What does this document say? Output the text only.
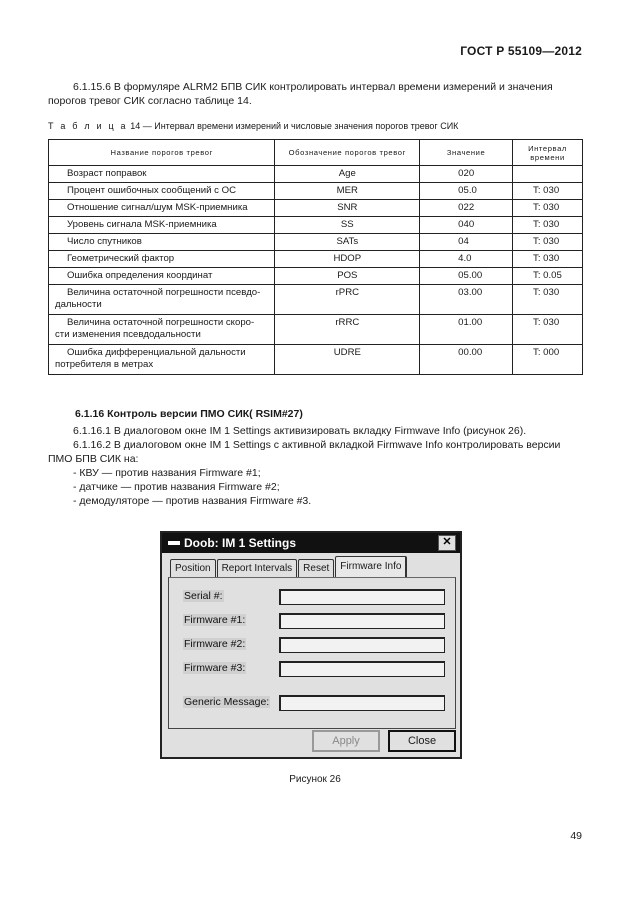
ГОСТ Р 55109—2012
6.1.15.6 В формуляре ALRM2 БПВ СИК контролировать интервал времени измерений и значения
порогов тревог СИК согласно таблице 14.
Т а б л и ц а 14 — Интервал времени измерений и числовые значения порогов тревог СИК
Название порогов тревог	Обозначение порогов тревог	Значение	Интервал
времени

Возраст поправок	Age	020	
Процент ошибочных сообщений с ОС	MER	05.0	T: 030
Отношение сигнал/шум MSK-приемника	SNR	022	T: 030
Уровень сигнала MSK-приемника	SS	040	T: 030
Число спутников	SATs	04	T: 030
Геометрический фактор	HDOP	4.0	T: 030
Ошибка определения координат	POS	05.00	T: 0.05

Величина остаточной погрешности псевдо-
дальности	rPRC	03.00	T: 030

Величина остаточной погрешности скоро-
сти изменения псевдодальности	rRRC	01.00	T: 030

Ошибка дифференциальной дальности
потребителя в метрах	UDRE	00.00	T: 000
6.1.16 Контроль версии ПМО СИК( RSIM#27)
6.1.16.1 В диалоговом окне IM 1 Settings активизировать вкладку Firmwave Info (рисунок 26).
6.1.16.2 В диалоговом окне IM 1 Settings с активной вкладкой Firmwave Info контролировать версии
ПМО БПВ СИК на:
- КВУ — против названия Firmware #1;
- датчике — против названия Firmware #2;
- демодуляторе — против названия Firmware #3.
Doob: IM 1 Settings	✕
Position	Report Intervals	Reset	Firmware Info
Serial #:
Firmware #1:
Firmware #2:
Firmware #3:
Generic Message:
Apply	Close
Рисунок 26
49
